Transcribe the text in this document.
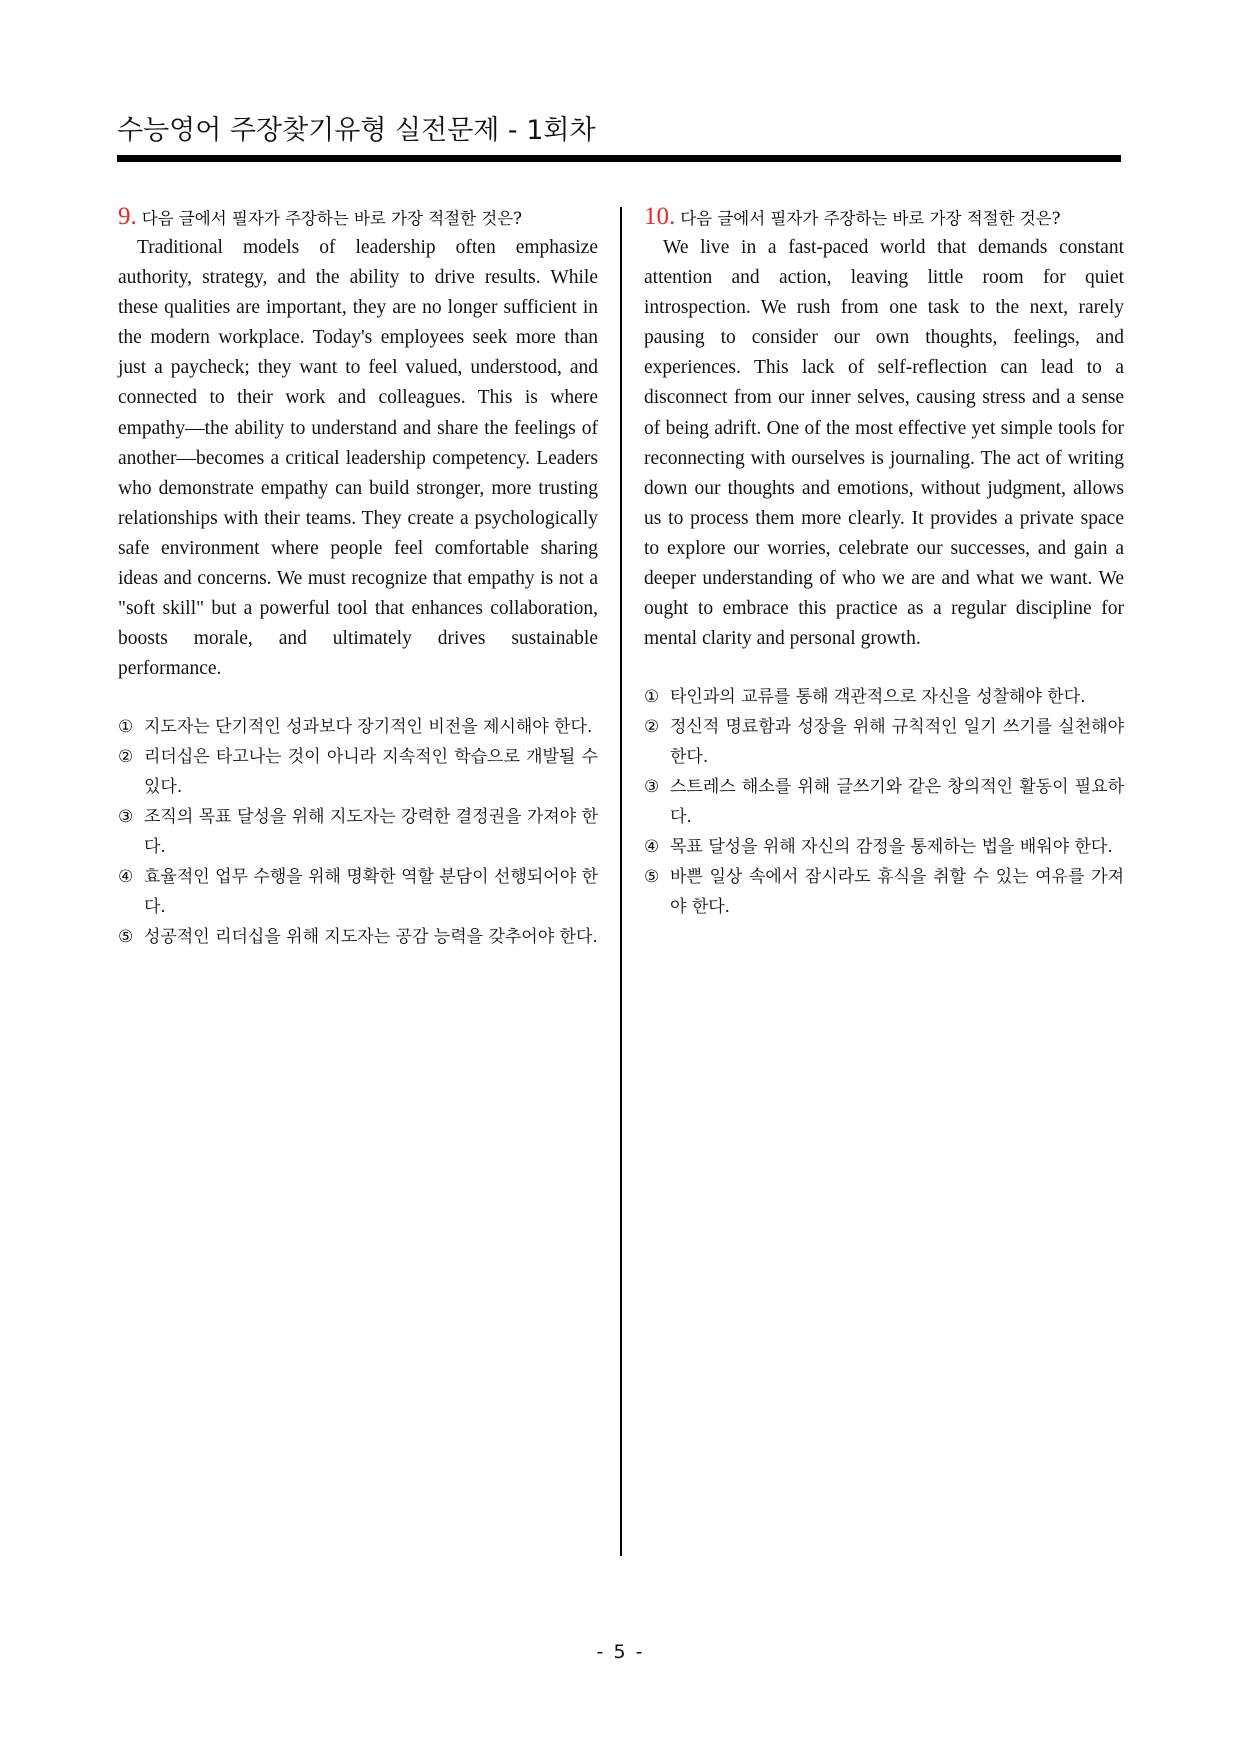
수능영어 주장찾기유형 실전문제 - 1회차
9. 다음 글에서 필자가 주장하는 바로 가장 적절한 것은?

Traditional models of leadership often emphasize authority, strategy, and the ability to drive results. While these qualities are important, they are no longer sufficient in the modern workplace. Today's employees seek more than just a paycheck; they want to feel valued, understood, and connected to their work and colleagues. This is where empathy—the ability to understand and share the feelings of another—becomes a critical leadership competency. Leaders who demonstrate empathy can build stronger, more trusting relationships with their teams. They create a psychologically safe environment where people feel comfortable sharing ideas and concerns. We must recognize that empathy is not a "soft skill" but a powerful tool that enhances collaboration, boosts morale, and ultimately drives sustainable performance.

① 지도자는 단기적인 성과보다 장기적인 비전을 제시해야 한다.
② 리더십은 타고나는 것이 아니라 지속적인 학습으로 개발될 수 있다.
③ 조직의 목표 달성을 위해 지도자는 강력한 결정권을 가져야 한다.
④ 효율적인 업무 수행을 위해 명확한 역할 분담이 선행되어야 한다.
⑤ 성공적인 리더십을 위해 지도자는 공감 능력을 갖추어야 한다.
10. 다음 글에서 필자가 주장하는 바로 가장 적절한 것은?

We live in a fast-paced world that demands constant attention and action, leaving little room for quiet introspection. We rush from one task to the next, rarely pausing to consider our own thoughts, feelings, and experiences. This lack of self-reflection can lead to a disconnect from our inner selves, causing stress and a sense of being adrift. One of the most effective yet simple tools for reconnecting with ourselves is journaling. The act of writing down our thoughts and emotions, without judgment, allows us to process them more clearly. It provides a private space to explore our worries, celebrate our successes, and gain a deeper understanding of who we are and what we want. We ought to embrace this practice as a regular discipline for mental clarity and personal growth.

① 타인과의 교류를 통해 객관적으로 자신을 성찰해야 한다.
② 정신적 명료함과 성장을 위해 규칙적인 일기 쓰기를 실천해야 한다.
③ 스트레스 해소를 위해 글쓰기와 같은 창의적인 활동이 필요하다.
④ 목표 달성을 위해 자신의 감정을 통제하는 법을 배워야 한다.
⑤ 바쁜 일상 속에서 잠시라도 휴식을 취할 수 있는 여유를 가져야 한다.
- 5 -
